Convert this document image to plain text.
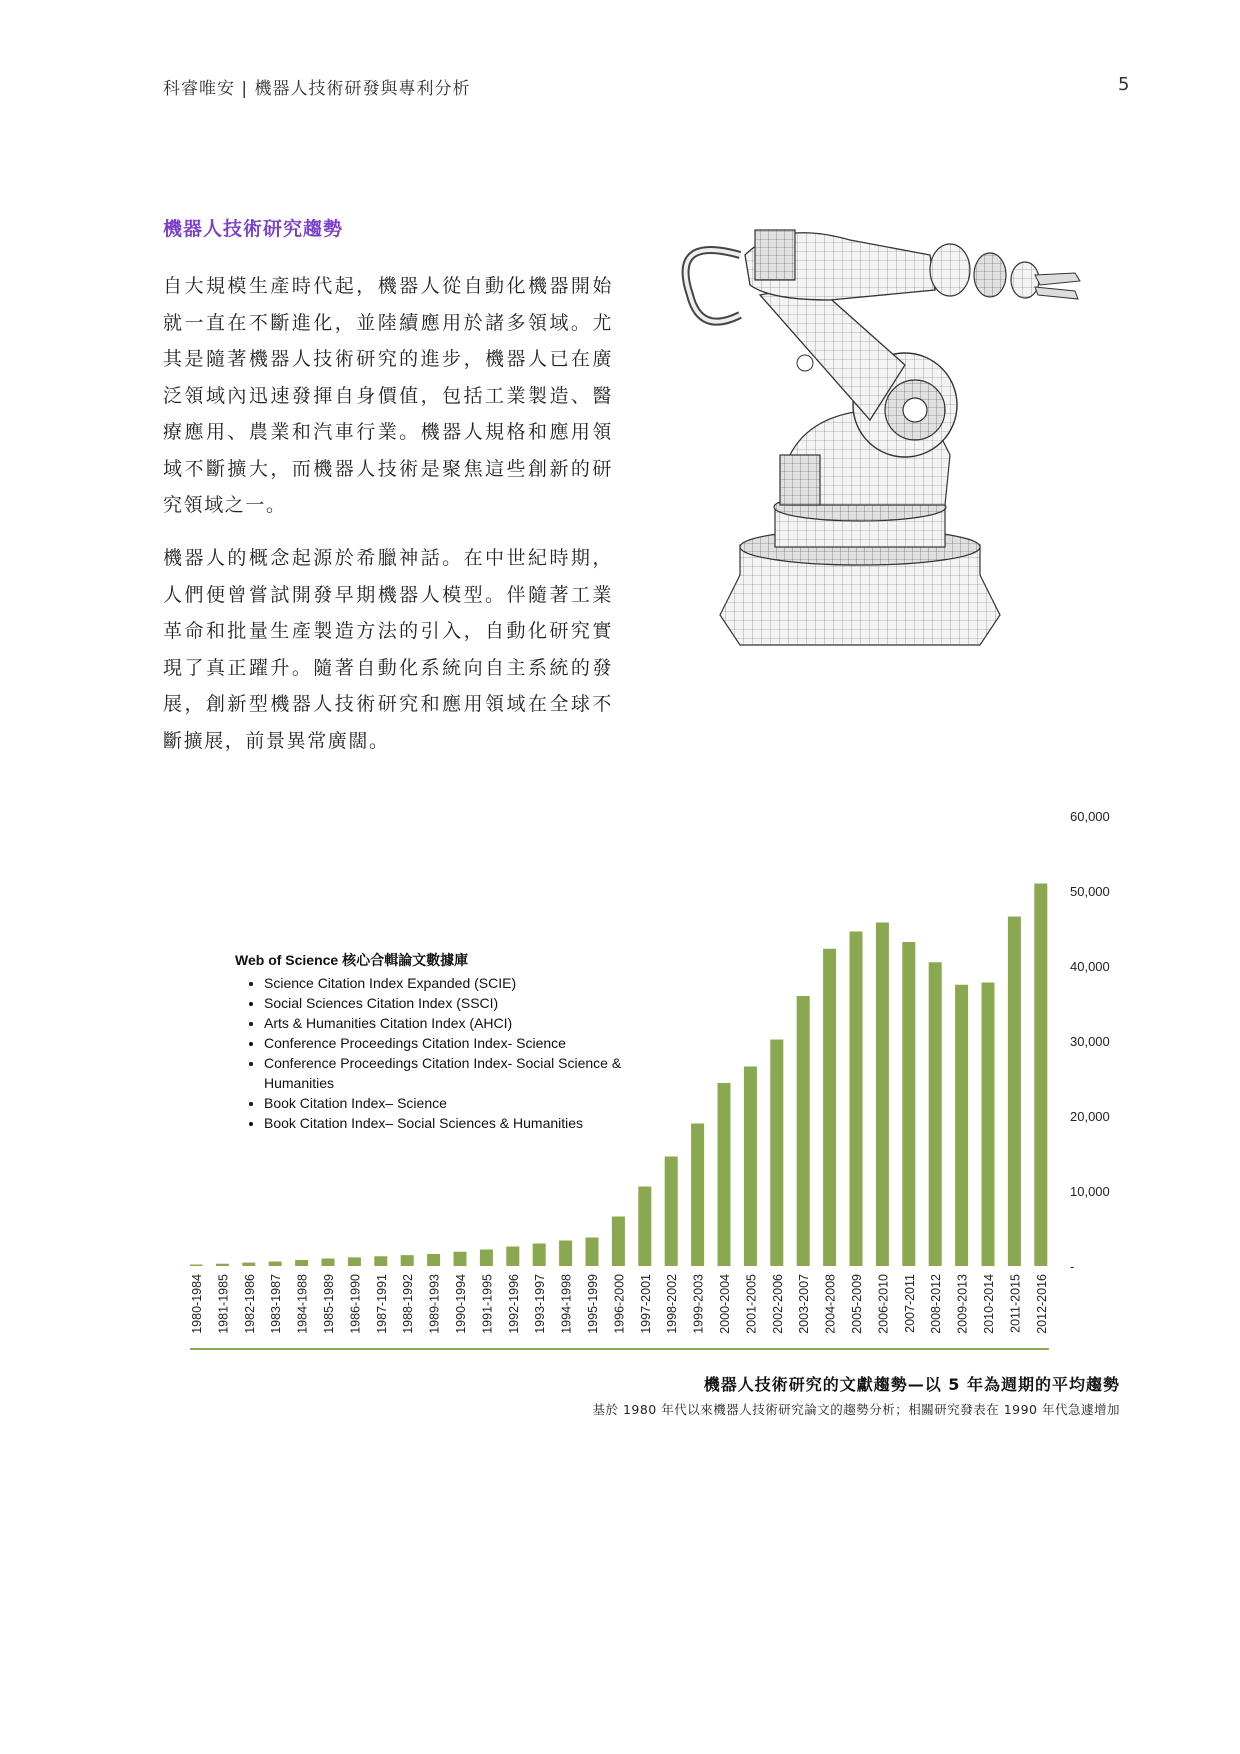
科睿唯安 | 機器人技術研發與專利分析	5
機器人技術研究趨勢
自大規模生產時代起，機器人從自動化機器開始就一直在不斷進化，並陸續應用於諸多領域。尤其是隨著機器人技術研究的進步，機器人已在廣泛領域內迅速發揮自身價值，包括工業製造、醫療應用、農業和汽車行業。機器人規格和應用領域不斷擴大，而機器人技術是聚焦這些創新的研究領域之一。
機器人的概念起源於希臘神話。在中世紀時期，人們便曾嘗試開發早期機器人模型。伴隨著工業革命和批量生產製造方法的引入，自動化研究實現了真正躍升。隨著自動化系統向自主系統的發展，創新型機器人技術研究和應用領域在全球不斷擴展，前景異常廣闊。
Web of Science 核心合輯論文數據庫
• Science Citation Index Expanded (SCIE)
• Social Sciences Citation Index (SSCI)
• Arts & Humanities Citation Index (AHCI)
• Conference Proceedings Citation Index- Science
• Conference Proceedings Citation Index- Social Science & Humanities
• Book Citation Index– Science
• Book Citation Index– Social Sciences & Humanities
-
10,000
20,000
30,000
40,000
50,000
60,000
1980-1984 1981-1985 1982-1986 1983-1987 1984-1988 1985-1989 1986-1990 1987-1991 1988-1992 1989-1993 1990-1994 1991-1995 1992-1996 1993-1997 1994-1998 1995-1999 1996-2000 1997-2001 1998-2002 1999-2003 2000-2004 2001-2005 2002-2006 2003-2007 2004-2008 2005-2009 2006-2010 2007-2011 2008-2012 2009-2013 2010-2014 2011-2015 2012-2016
機器人技術研究的文獻趨勢—以 5 年為週期的平均趨勢
基於 1980 年代以來機器人技術研究論文的趨勢分析；相關研究發表在 1990 年代急遽增加
